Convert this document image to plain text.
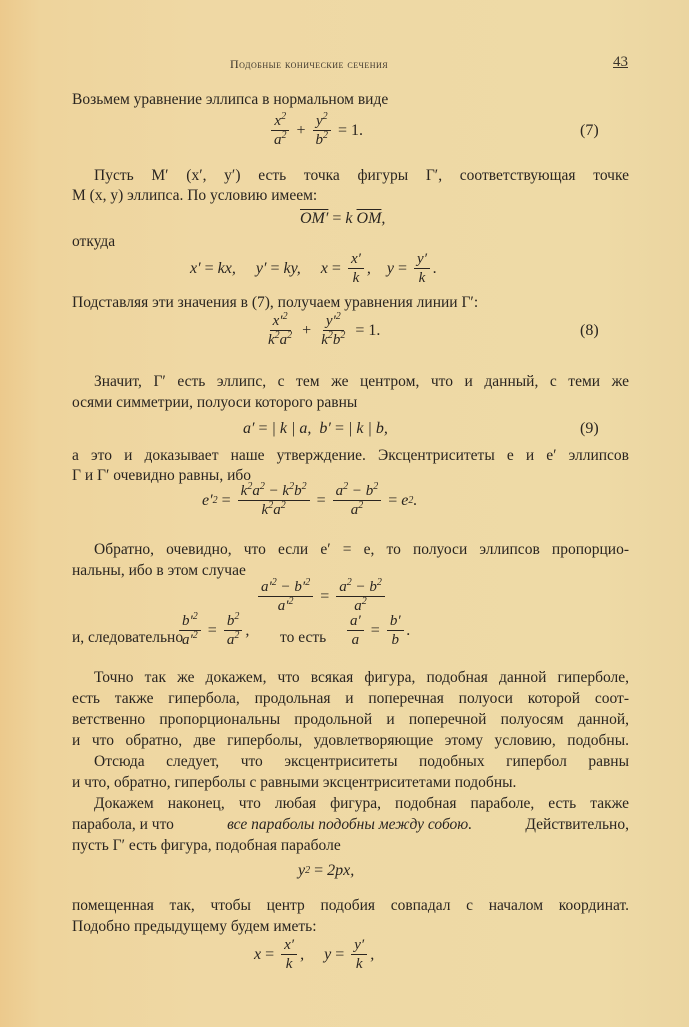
Подобные конические сечения	43
Возьмем уравнение эллипса в нормальном виде
$\frac{x^2}{a^2} + \frac{y^2}{b^2} = 1$.	(7)
Пусть M′ (x′, y′) есть точка фигуры Г′, соответствующая точке
M (x, y) эллипса. По условию имеем:
OM′ = k $\overline{OM}$ ,
откуда
x′ = kx,     y′ = ky,     $x = \frac{x'}{k}$ ,    $y = \frac{y'}{k}$ .
Подставляя эти значения в (7), получаем уравнения линии Г′:
$\frac{x'^2}{k^2a^2} + \frac{y'^2}{k^2b^2} = 1$.	(8)
Значит, Г′ есть эллипс, с тем же центром, что и данный, с теми же
осями симметрии, полуоси которого равны
a′ = | k | a,  b′ = | k | b,	(9)
а это и доказывает наше утверждение. Эксцентриситеты e и e′ эллипсов
Г и Г′ очевидно равны, ибо
e′ $2 = \frac{k^2a^2 - k^2b^2}{k^2a^2} = \frac{a^2 - b^2}{a^2} = e$ 2 .
Обратно, очевидно, что если e′ = e, то полуоси эллипсов пропорцио-
нальны, ибо в этом случае
$\frac{a'^2 - b'^2}{a'^2} = \frac{a^2 - b^2}{a^2}$
и, следовательно
$\frac{b'^2}{a'^2} = \frac{b^2}{a^2}$ , то есть $\frac{a'}{a} = \frac{b'}{b}$ .
Точно так же докажем, что всякая фигура, подобная данной гиперболе,
есть также гипербола, продольная и поперечная полуоси которой соот-
ветственно пропорциональны продольной и поперечной полуосям данной,
и что обратно, две гиперболы, удовлетворяющие этому условию, подобны.
Отсюда следует, что эксцентриситеты подобных гипербол равны
и что, обратно, гиперболы с равными эксцентриситетами подобны.
Докажем наконец, что любая фигура, подобная параболе, есть также
парабола, и что	все параболы подобны между собою.	Действительно,
пусть Г′ есть фигура, подобная параболе
y 2 = 2px,
помещенная так, чтобы центр подобия совпадал с началом координат.
Подобно предыдущему будем иметь:
$x = \frac{x'}{k}$ ,     $y = \frac{y'}{k}$ ,
